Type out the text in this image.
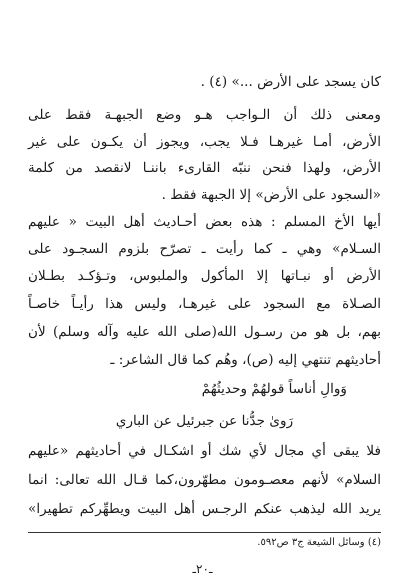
كان يسجد على الأرض ...» (٤) .
ومعنى ذلك أن الـواجب هـو وضع الجبهـة فقط على
الأرض، أمـا غيرهـا فـلا يجب، ويجوز أن يكـون على غير
الأرض، ولهذا فنحن ننبّه القارىء باننـا لانقصد من كلمة
«السجود على الأرض» إلا الجبهة فقط .
أيها الأخ المسلم : هذه بعض أحـاديث أهل البيت « عليهم
السـلام» وهي ـ كما رأيت ـ تصرّح بلزوم السجـود على
الأرض أو نبـاتها إلا المأكول والملبوس، وتـؤكـد بطـلان
الصـلاة مع السجود على غيرهـا، وليس هذا رأيـاً خاصـاً
بهم، بل هو من رسـول الله(صلى الله عليه وآله وسلم) لأن
أحاديثهم تنتهي إليه (ص)، وهُم كما قال الشاعر: ـ
وَوالِ أناساً قولهُمْ وحديثُهُمْ
رَوىٰ جدُّنا عن جبرئيل عن الباري
فلا يبقى أي مجال لأي شك أو اشكـال في أحاديثهم «عليهم
السلام» لأنهم معصـومون مطهّرون،كما قـال الله تعالى: انما
يريد الله ليذهب عنكم الرجـس أهل البيت ويطهِّركم تطهيرا»
(٤) وسائل الشيعة ج٣ ص٥٩٢.
ـ٢٠ـ
